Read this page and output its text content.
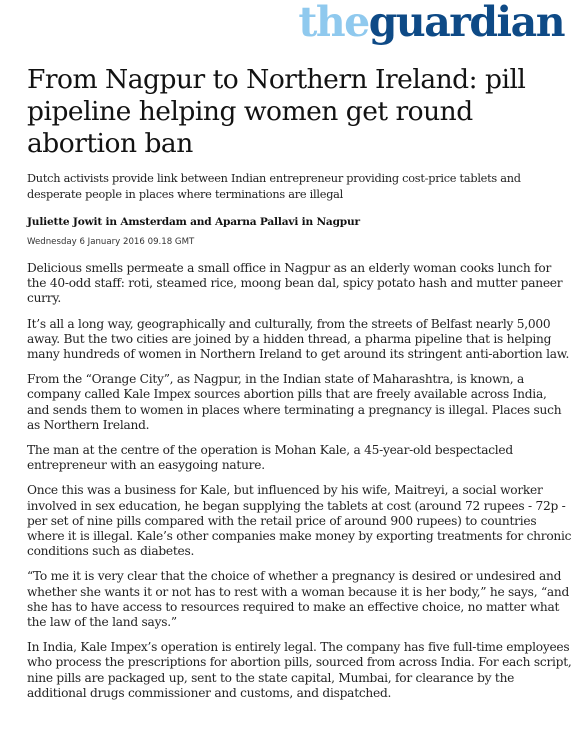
theguardian
From Nagpur to Northern Ireland: pill pipeline helping women get round abortion ban

Dutch activists provide link between Indian entrepreneur providing cost-price tablets and desperate people in places where terminations are illegal

Juliette Jowit in Amsterdam and Aparna Pallavi in Nagpur

Wednesday 6 January 2016 09.18 GMT

Delicious smells permeate a small office in Nagpur as an elderly woman cooks lunch for the 40-odd staff: roti, steamed rice, moong bean dal, spicy potato hash and mutter paneer curry.

It’s all a long way, geographically and culturally, from the streets of Belfast nearly 5,000 away. But the two cities are joined by a hidden thread, a pharma pipeline that is helping many hundreds of women in Northern Ireland to get around its stringent anti-abortion law.

From the “Orange City”, as Nagpur, in the Indian state of Maharashtra, is known, a company called Kale Impex sources abortion pills that are freely available across India, and sends them to women in places where terminating a pregnancy is illegal. Places such as Northern Ireland.

The man at the centre of the operation is Mohan Kale, a 45-year-old bespectacled entrepreneur with an easygoing nature.

Once this was a business for Kale, but influenced by his wife, Maitreyi, a social worker involved in sex education, he began supplying the tablets at cost (around 72 rupees - 72p - per set of nine pills compared with the retail price of around 900 rupees) to countries where it is illegal. Kale’s other companies make money by exporting treatments for chronic conditions such as diabetes.

“To me it is very clear that the choice of whether a pregnancy is desired or undesired and whether she wants it or not has to rest with a woman because it is her body,” he says, “and she has to have access to resources required to make an effective choice, no matter what the law of the land says.”

In India, Kale Impex’s operation is entirely legal. The company has five full-time employees who process the prescriptions for abortion pills, sourced from across India. For each script, nine pills are packaged up, sent to the state capital, Mumbai, for clearance by the additional drugs commissioner and customs, and dispatched.
